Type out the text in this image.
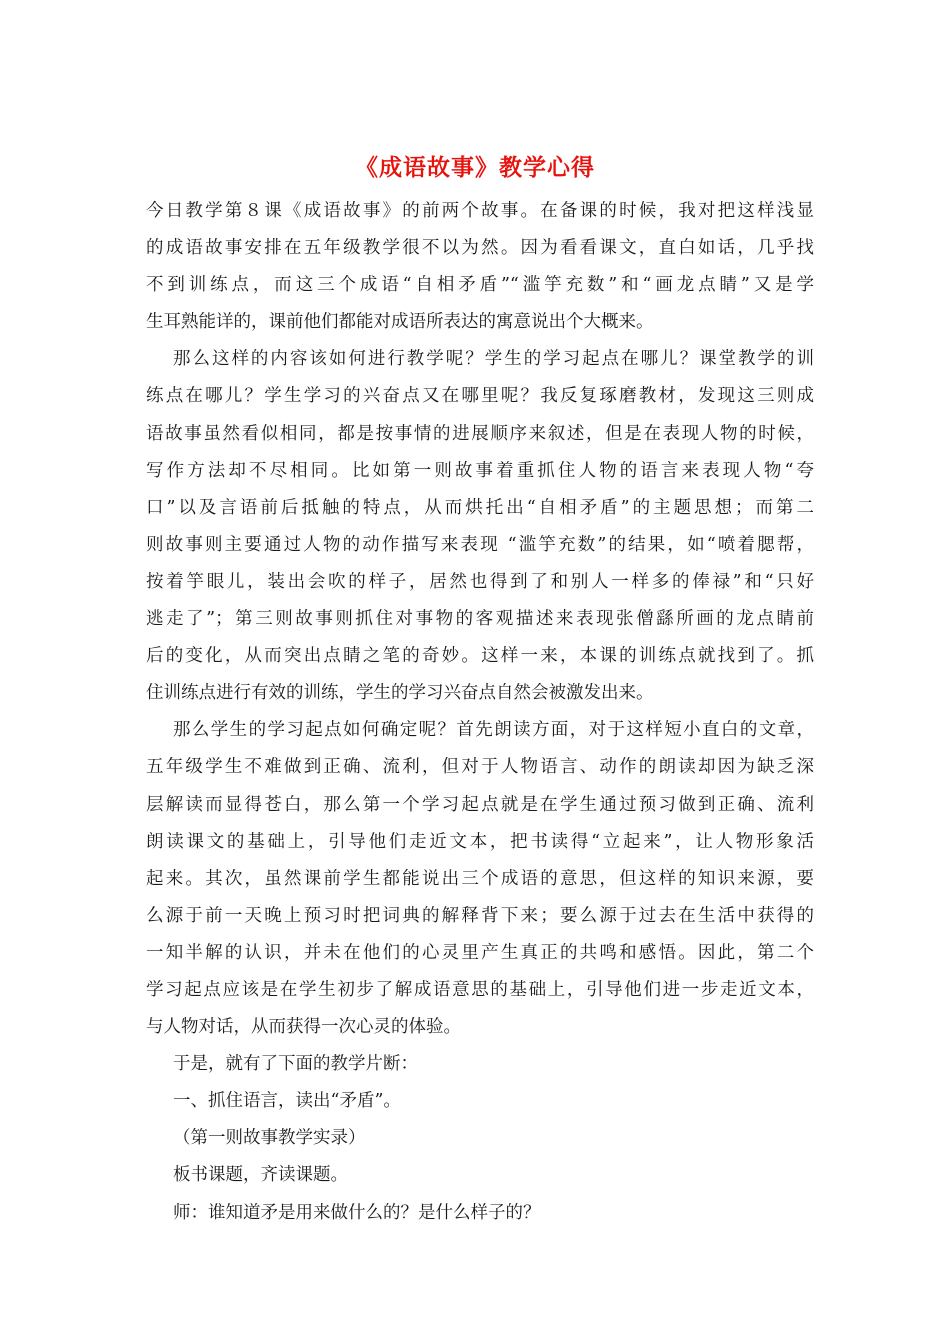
《成语故事》教学心得
今日教学第８课《成语故事》的前两个故事。在备课的时候，我对把这样浅显
的成语故事安排在五年级教学很不以为然。因为看看课文，直白如话，几乎找
不到训练点，而这三个成语“自相矛盾”“滥竽充数”和“画龙点睛”又是学
生耳熟能详的，课前他们都能对成语所表达的寓意说出个大概来。
那么这样的内容该如何进行教学呢？学生的学习起点在哪儿？课堂教学的训
练点在哪儿？学生学习的兴奋点又在哪里呢？我反复琢磨教材，发现这三则成
语故事虽然看似相同，都是按事情的进展顺序来叙述，但是在表现人物的时候，
写作方法却不尽相同。比如第一则故事着重抓住人物的语言来表现人物“夸
口”以及言语前后抵触的特点，从而烘托出“自相矛盾”的主题思想；而第二
则故事则主要通过人物的动作描写来表现 “滥竽充数”的结果，如“喷着腮帮，
按着竽眼儿，装出会吹的样子，居然也得到了和别人一样多的俸禄”和“只好
逃走了”；第三则故事则抓住对事物的客观描述来表现张僧繇所画的龙点睛前
后的变化，从而突出点睛之笔的奇妙。这样一来，本课的训练点就找到了。抓
住训练点进行有效的训练，学生的学习兴奋点自然会被激发出来。
那么学生的学习起点如何确定呢？首先朗读方面，对于这样短小直白的文章，
五年级学生不难做到正确、流利，但对于人物语言、动作的朗读却因为缺乏深
层解读而显得苍白，那么第一个学习起点就是在学生通过预习做到正确、流利
朗读课文的基础上，引导他们走近文本，把书读得“立起来”，让人物形象活
起来。其次，虽然课前学生都能说出三个成语的意思，但这样的知识来源，要
么源于前一天晚上预习时把词典的解释背下来；要么源于过去在生活中获得的
一知半解的认识，并未在他们的心灵里产生真正的共鸣和感悟。因此，第二个
学习起点应该是在学生初步了解成语意思的基础上，引导他们进一步走近文本，
与人物对话，从而获得一次心灵的体验。
于是，就有了下面的教学片断：
一、抓住语言，读出“矛盾”。
（第一则故事教学实录）
板书课题，齐读课题。
师：谁知道矛是用来做什么的？是什么样子的？
